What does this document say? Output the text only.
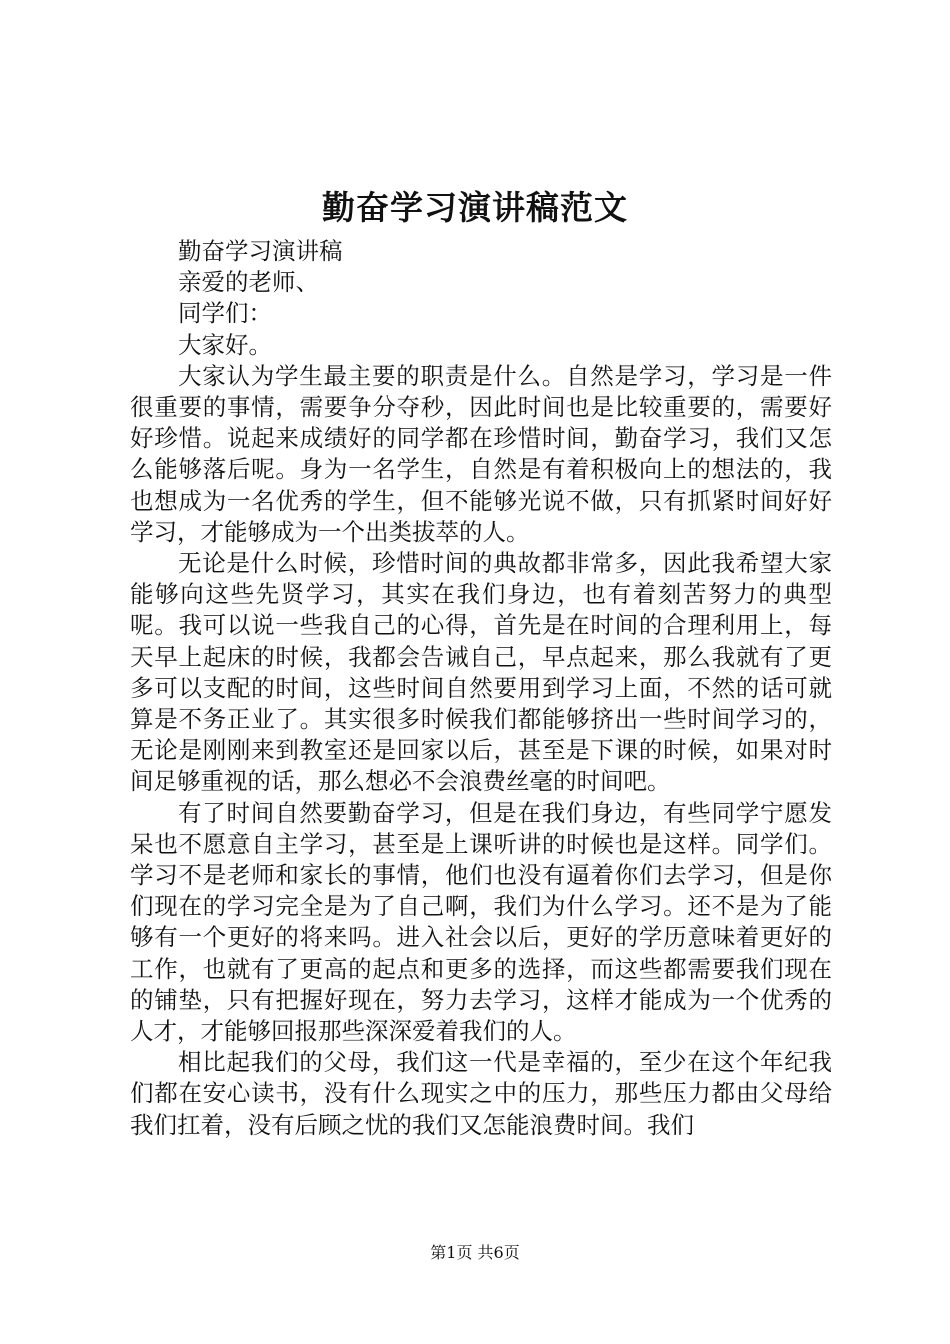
勤奋学习演讲稿范文

勤奋学习演讲稿

亲爱的老师、

同学们：

大家好。

大家认为学生最主要的职责是什么。自然是学习，学习是一件很重要的事情，需要争分夺秒，因此时间也是比较重要的，需要好好珍惜。说起来成绩好的同学都在珍惜时间，勤奋学习，我们又怎么能够落后呢。身为一名学生，自然是有着积极向上的想法的，我也想成为一名优秀的学生，但不能够光说不做，只有抓紧时间好好学习，才能够成为一个出类拔萃的人。

无论是什么时候，珍惜时间的典故都非常多，因此我希望大家能够向这些先贤学习，其实在我们身边，也有着刻苦努力的典型呢。我可以说一些我自己的心得，首先是在时间的合理利用上，每天早上起床的时候，我都会告诫自己，早点起来，那么我就有了更多可以支配的时间，这些时间自然要用到学习上面，不然的话可就算是不务正业了。其实很多时候我们都能够挤出一些时间学习的，无论是刚刚来到教室还是回家以后，甚至是下课的时候，如果对时间足够重视的话，那么想必不会浪费丝毫的时间吧。

有了时间自然要勤奋学习，但是在我们身边，有些同学宁愿发呆也不愿意自主学习，甚至是上课听讲的时候也是这样。同学们。学习不是老师和家长的事情，他们也没有逼着你们去学习，但是你们现在的学习完全是为了自己啊，我们为什么学习。还不是为了能够有一个更好的将来吗。进入社会以后，更好的学历意味着更好的工作，也就有了更高的起点和更多的选择，而这些都需要我们现在的铺垫，只有把握好现在，努力去学习，这样才能成为一个优秀的人才，才能够回报那些深深爱着我们的人。

相比起我们的父母，我们这一代是幸福的，至少在这个年纪我们都在安心读书，没有什么现实之中的压力，那些压力都由父母给我们扛着，没有后顾之忧的我们又怎能浪费时间。我们

第1页 共6页
